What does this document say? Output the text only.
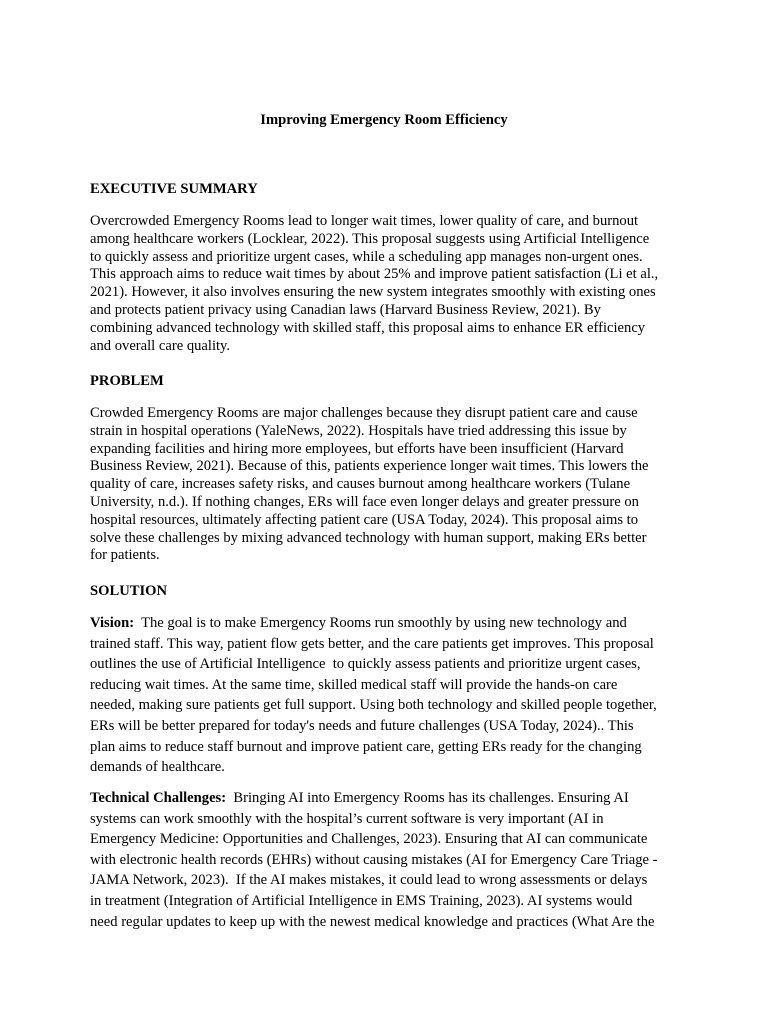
Improving Emergency Room Efficiency
EXECUTIVE SUMMARY
Overcrowded Emergency Rooms lead to longer wait times, lower quality of care, and burnout
among healthcare workers (Locklear, 2022). This proposal suggests using Artificial Intelligence
to quickly assess and prioritize urgent cases, while a scheduling app manages non-urgent ones.
This approach aims to reduce wait times by about 25% and improve patient satisfaction (Li et al.,
2021). However, it also involves ensuring the new system integrates smoothly with existing ones
and protects patient privacy using Canadian laws (Harvard Business Review, 2021). By
combining advanced technology with skilled staff, this proposal aims to enhance ER efficiency
and overall care quality.
PROBLEM
Crowded Emergency Rooms are major challenges because they disrupt patient care and cause
strain in hospital operations (YaleNews, 2022). Hospitals have tried addressing this issue by
expanding facilities and hiring more employees, but efforts have been insufficient (Harvard
Business Review, 2021). Because of this, patients experience longer wait times. This lowers the
quality of care, increases safety risks, and causes burnout among healthcare workers (Tulane
University, n.d.). If nothing changes, ERs will face even longer delays and greater pressure on
hospital resources, ultimately affecting patient care (USA Today, 2024). This proposal aims to
solve these challenges by mixing advanced technology with human support, making ERs better
for patients.
SOLUTION
Vision:  The goal is to make Emergency Rooms run smoothly by using new technology and
trained staff. This way, patient flow gets better, and the care patients get improves. This proposal
outlines the use of Artificial Intelligence  to quickly assess patients and prioritize urgent cases,
reducing wait times. At the same time, skilled medical staff will provide the hands-on care
needed, making sure patients get full support. Using both technology and skilled people together,
ERs will be better prepared for today's needs and future challenges (USA Today, 2024).. This
plan aims to reduce staff burnout and improve patient care, getting ERs ready for the changing
demands of healthcare.
Technical Challenges:  Bringing AI into Emergency Rooms has its challenges. Ensuring AI
systems can work smoothly with the hospital’s current software is very important (AI in
Emergency Medicine: Opportunities and Challenges, 2023). Ensuring that AI can communicate
with electronic health records (EHRs) without causing mistakes (AI for Emergency Care Triage -
JAMA Network, 2023).  If the AI makes mistakes, it could lead to wrong assessments or delays
in treatment (Integration of Artificial Intelligence in EMS Training, 2023). AI systems would
need regular updates to keep up with the newest medical knowledge and practices (What Are the
